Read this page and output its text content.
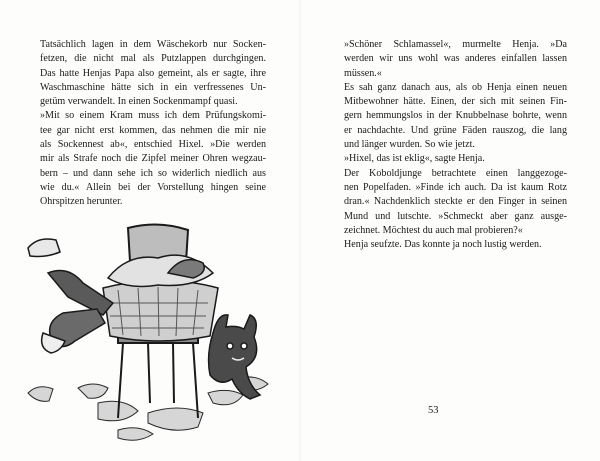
Tatsächlich lagen in dem Wäschekorb nur Socken-
fetzen, die nicht mal als Putzlappen durchgingen.
Das hatte Henjas Papa also gemeint, als er sagte, ihre
Waschmaschine hätte sich in ein verfressenes Un-
getüm verwandelt. In einen Sockenmampf quasi.

»Mit so einem Kram muss ich dem Prüfungskomi-
tee gar nicht erst kommen, das nehmen die mir nie
als Sockennest ab«, entschied Hixel. »Die werden
mir als Strafe noch die Zipfel meiner Ohren wegzau-
bern – und dann sehe ich so widerlich niedlich aus
wie du.« Allein bei der Vorstellung hingen seine
Ohrspitzen herunter.

»Schöner Schlamassel«, murmelte Henja. »Da
werden wir uns wohl was anderes einfallen lassen
müssen.«

Es sah ganz danach aus, als ob Henja einen neuen
Mitbewohner hätte. Einen, der sich mit seinen Fin-
gern hemmungslos in der Knubbelnase bohrte, wenn
er nachdachte. Und grüne Fäden rauszog, die lang
und länger wurden. So wie jetzt.

»Hixel, das ist eklig«, sagte Henja.

Der Koboldjunge betrachtete einen langgezoge-
nen Popelfaden. »Finde ich auch. Da ist kaum Rotz
dran.« Nachdenklich steckte er den Finger in seinen
Mund und lutschte. »Schmeckt aber ganz ausge-
zeichnet. Möchtest du auch mal probieren?«

Henja seufzte. Das konnte ja noch lustig werden.

53
